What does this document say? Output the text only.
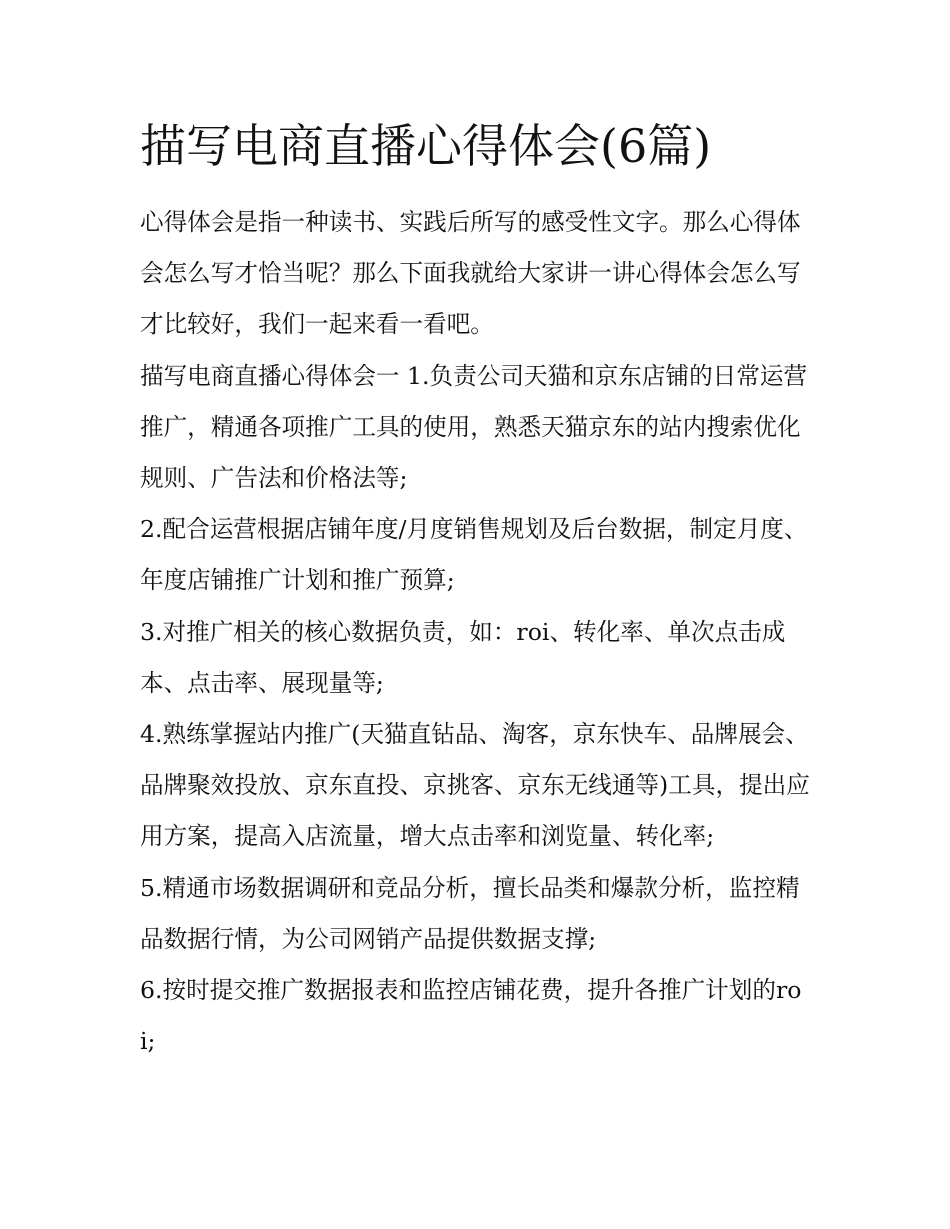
描写电商直播心得体会(6篇)

心得体会是指一种读书、实践后所写的感受性文字。那么心得体会怎么写才恰当呢？那么下面我就给大家讲一讲心得体会怎么写才比较好，我们一起来看一看吧。

描写电商直播心得体会一 1.负责公司天猫和京东店铺的日常运营推广，精通各项推广工具的使用，熟悉天猫京东的站内搜索优化规则、广告法和价格法等;

2.配合运营根据店铺年度/月度销售规划及后台数据，制定月度、年度店铺推广计划和推广预算;

3.对推广相关的核心数据负责，如：roi、转化率、单次点击成本、点击率、展现量等;

4.熟练掌握站内推广(天猫直钻品、淘客，京东快车、品牌展会、品牌聚效投放、京东直投、京挑客、京东无线通等)工具，提出应用方案，提高入店流量，增大点击率和浏览量、转化率;

5.精通市场数据调研和竞品分析，擅长品类和爆款分析，监控精品数据行情，为公司网销产品提供数据支撑;

6.按时提交推广数据报表和监控店铺花费，提升各推广计划的roi;
